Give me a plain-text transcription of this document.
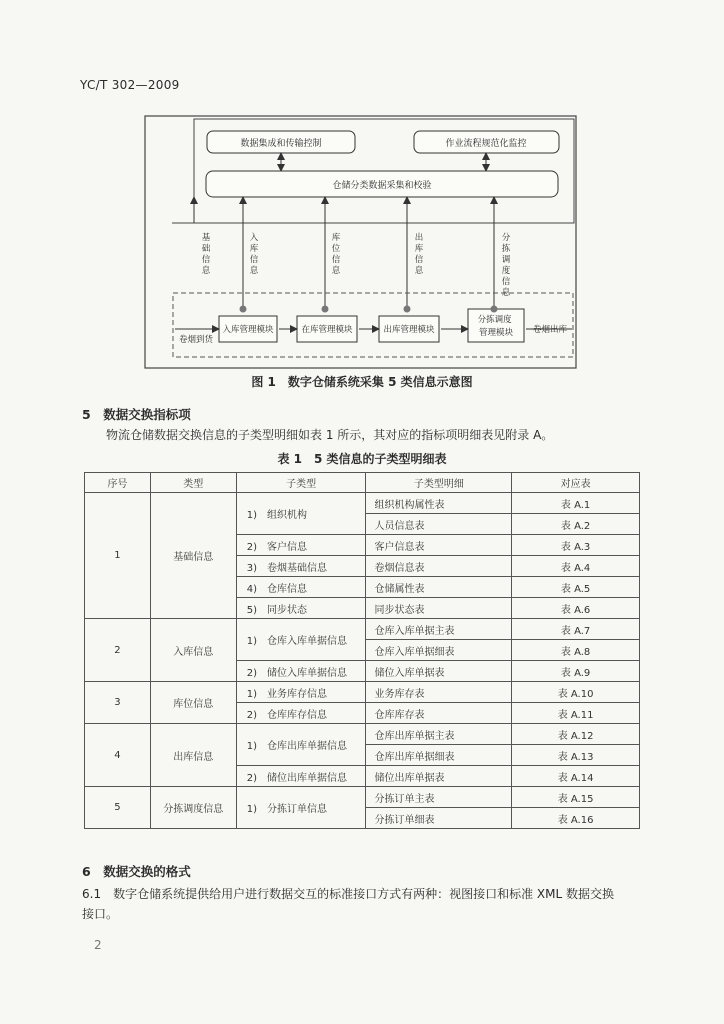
YC/T 302—2009
数据集成和传输控制	作业流程规范化监控
仓储分类数据采集和校验
基础信息
入库信息
库位信息
出库信息
分拣调度信息
入库管理模块	在库管理模块	出库管理模块
分拣调度 管理模块
卷烟到货
卷烟出库
图 1　数字仓储系统采集 5 类信息示意图
5　数据交换指标项
物流仓储数据交换信息的子类型明细如表 1 所示，其对应的指标项明细表见附录 A。
表 1　5 类信息的子类型明细表
序号	类型	子类型	子类型明细	对应表
1	基础信息	1)　组织机构	组织机构属性表	表 A.1
			人员信息表	表 A.2
		2)　客户信息	客户信息表	表 A.3
		3)　卷烟基础信息	卷烟信息表	表 A.4
		4)　仓库信息	仓储属性表	表 A.5
		5)　同步状态	同步状态表	表 A.6
2	入库信息	1)　仓库入库单据信息	仓库入库单据主表	表 A.7
			仓库入库单据细表	表 A.8
		2)　储位入库单据信息	储位入库单据表	表 A.9
3	库位信息	1)　业务库存信息	业务库存表	表 A.10
		2)　仓库库存信息	仓库库存表	表 A.11
4	出库信息	1)　仓库出库单据信息	仓库出库单据主表	表 A.12
			仓库出库单据细表	表 A.13
		2)　储位出库单据信息	储位出库单据表	表 A.14
5	分拣调度信息	1)　分拣订单信息	分拣订单主表	表 A.15
			分拣订单细表	表 A.16
6　数据交换的格式
6.1　数字仓储系统提供给用户进行数据交互的标准接口方式有两种：视图接口和标准 XML 数据交换
接口。
2
